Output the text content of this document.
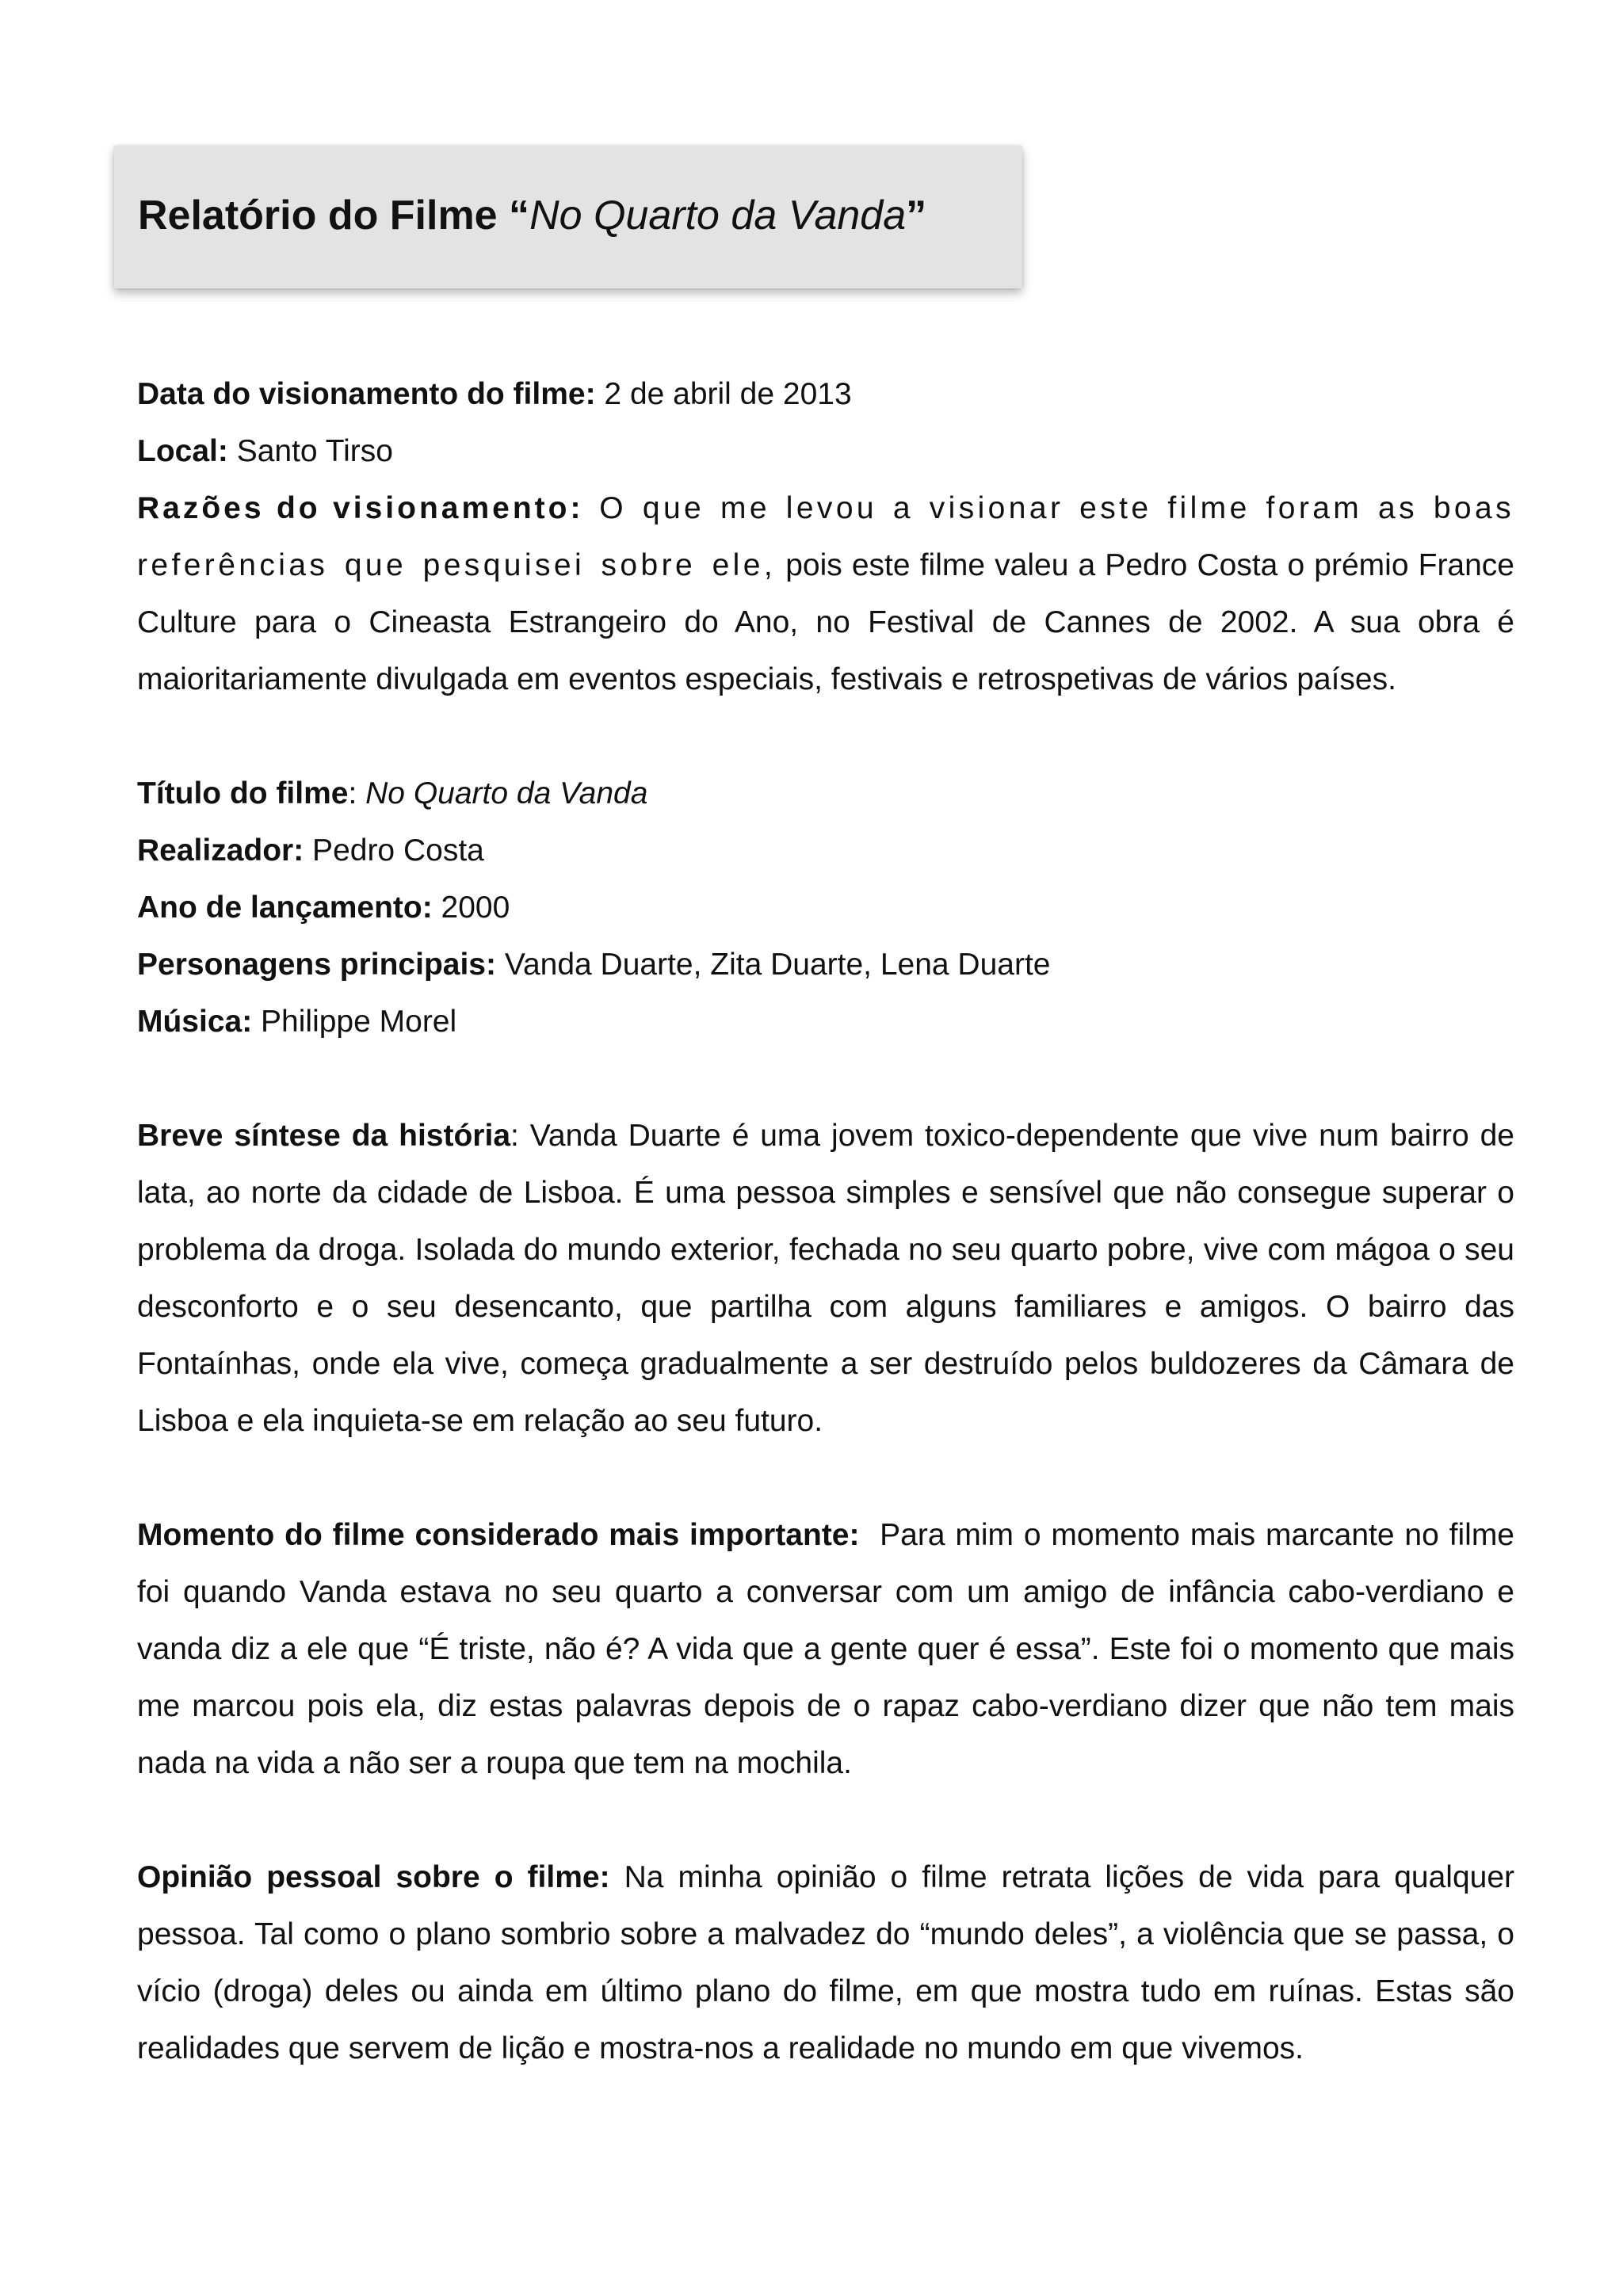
Relatório do Filme “No Quarto da Vanda”

Data do visionamento do filme: 2 de abril de 2013

Local: Santo Tirso

Razões do visionamento: O que me levou a visionar este filme foram as boas referências que pesquisei sobre ele, pois este filme valeu a Pedro Costa o prémio France Culture para o Cineasta Estrangeiro do Ano, no Festival de Cannes de 2002. A sua obra é maioritariamente divulgada em eventos especiais, festivais e retrospetivas de vários países.

Título do filme: No Quarto da Vanda

Realizador: Pedro Costa

Ano de lançamento: 2000

Personagens principais: Vanda Duarte, Zita Duarte, Lena Duarte

Música: Philippe Morel

Breve síntese da história: Vanda Duarte é uma jovem toxico-dependente que vive num bairro de lata, ao norte da cidade de Lisboa. É uma pessoa simples e sensível que não consegue superar o problema da droga. Isolada do mundo exterior, fechada no seu quarto pobre, vive com mágoa o seu desconforto e o seu desencanto, que partilha com alguns familiares e amigos. O bairro das Fontaínhas, onde ela vive, começa gradualmente a ser destruído pelos buldozeres da Câmara de Lisboa e ela inquieta-se em relação ao seu futuro.

Momento do filme considerado mais importante:  Para mim o momento mais marcante no filme foi quando Vanda estava no seu quarto a conversar com um amigo de infância cabo-verdiano e vanda diz a ele que “É triste, não é? A vida que a gente quer é essa”. Este foi o momento que mais me marcou pois ela, diz estas palavras depois de o rapaz cabo-verdiano dizer que não tem mais nada na vida a não ser a roupa que tem na mochila.

Opinião pessoal sobre o filme: Na minha opinião o filme retrata lições de vida para qualquer pessoa. Tal como o plano sombrio sobre a malvadez do “mundo deles”, a violência que se passa, o vício (droga) deles ou ainda em último plano do filme, em que mostra tudo em ruínas. Estas são realidades que servem de lição e mostra-nos a realidade no mundo em que vivemos.
